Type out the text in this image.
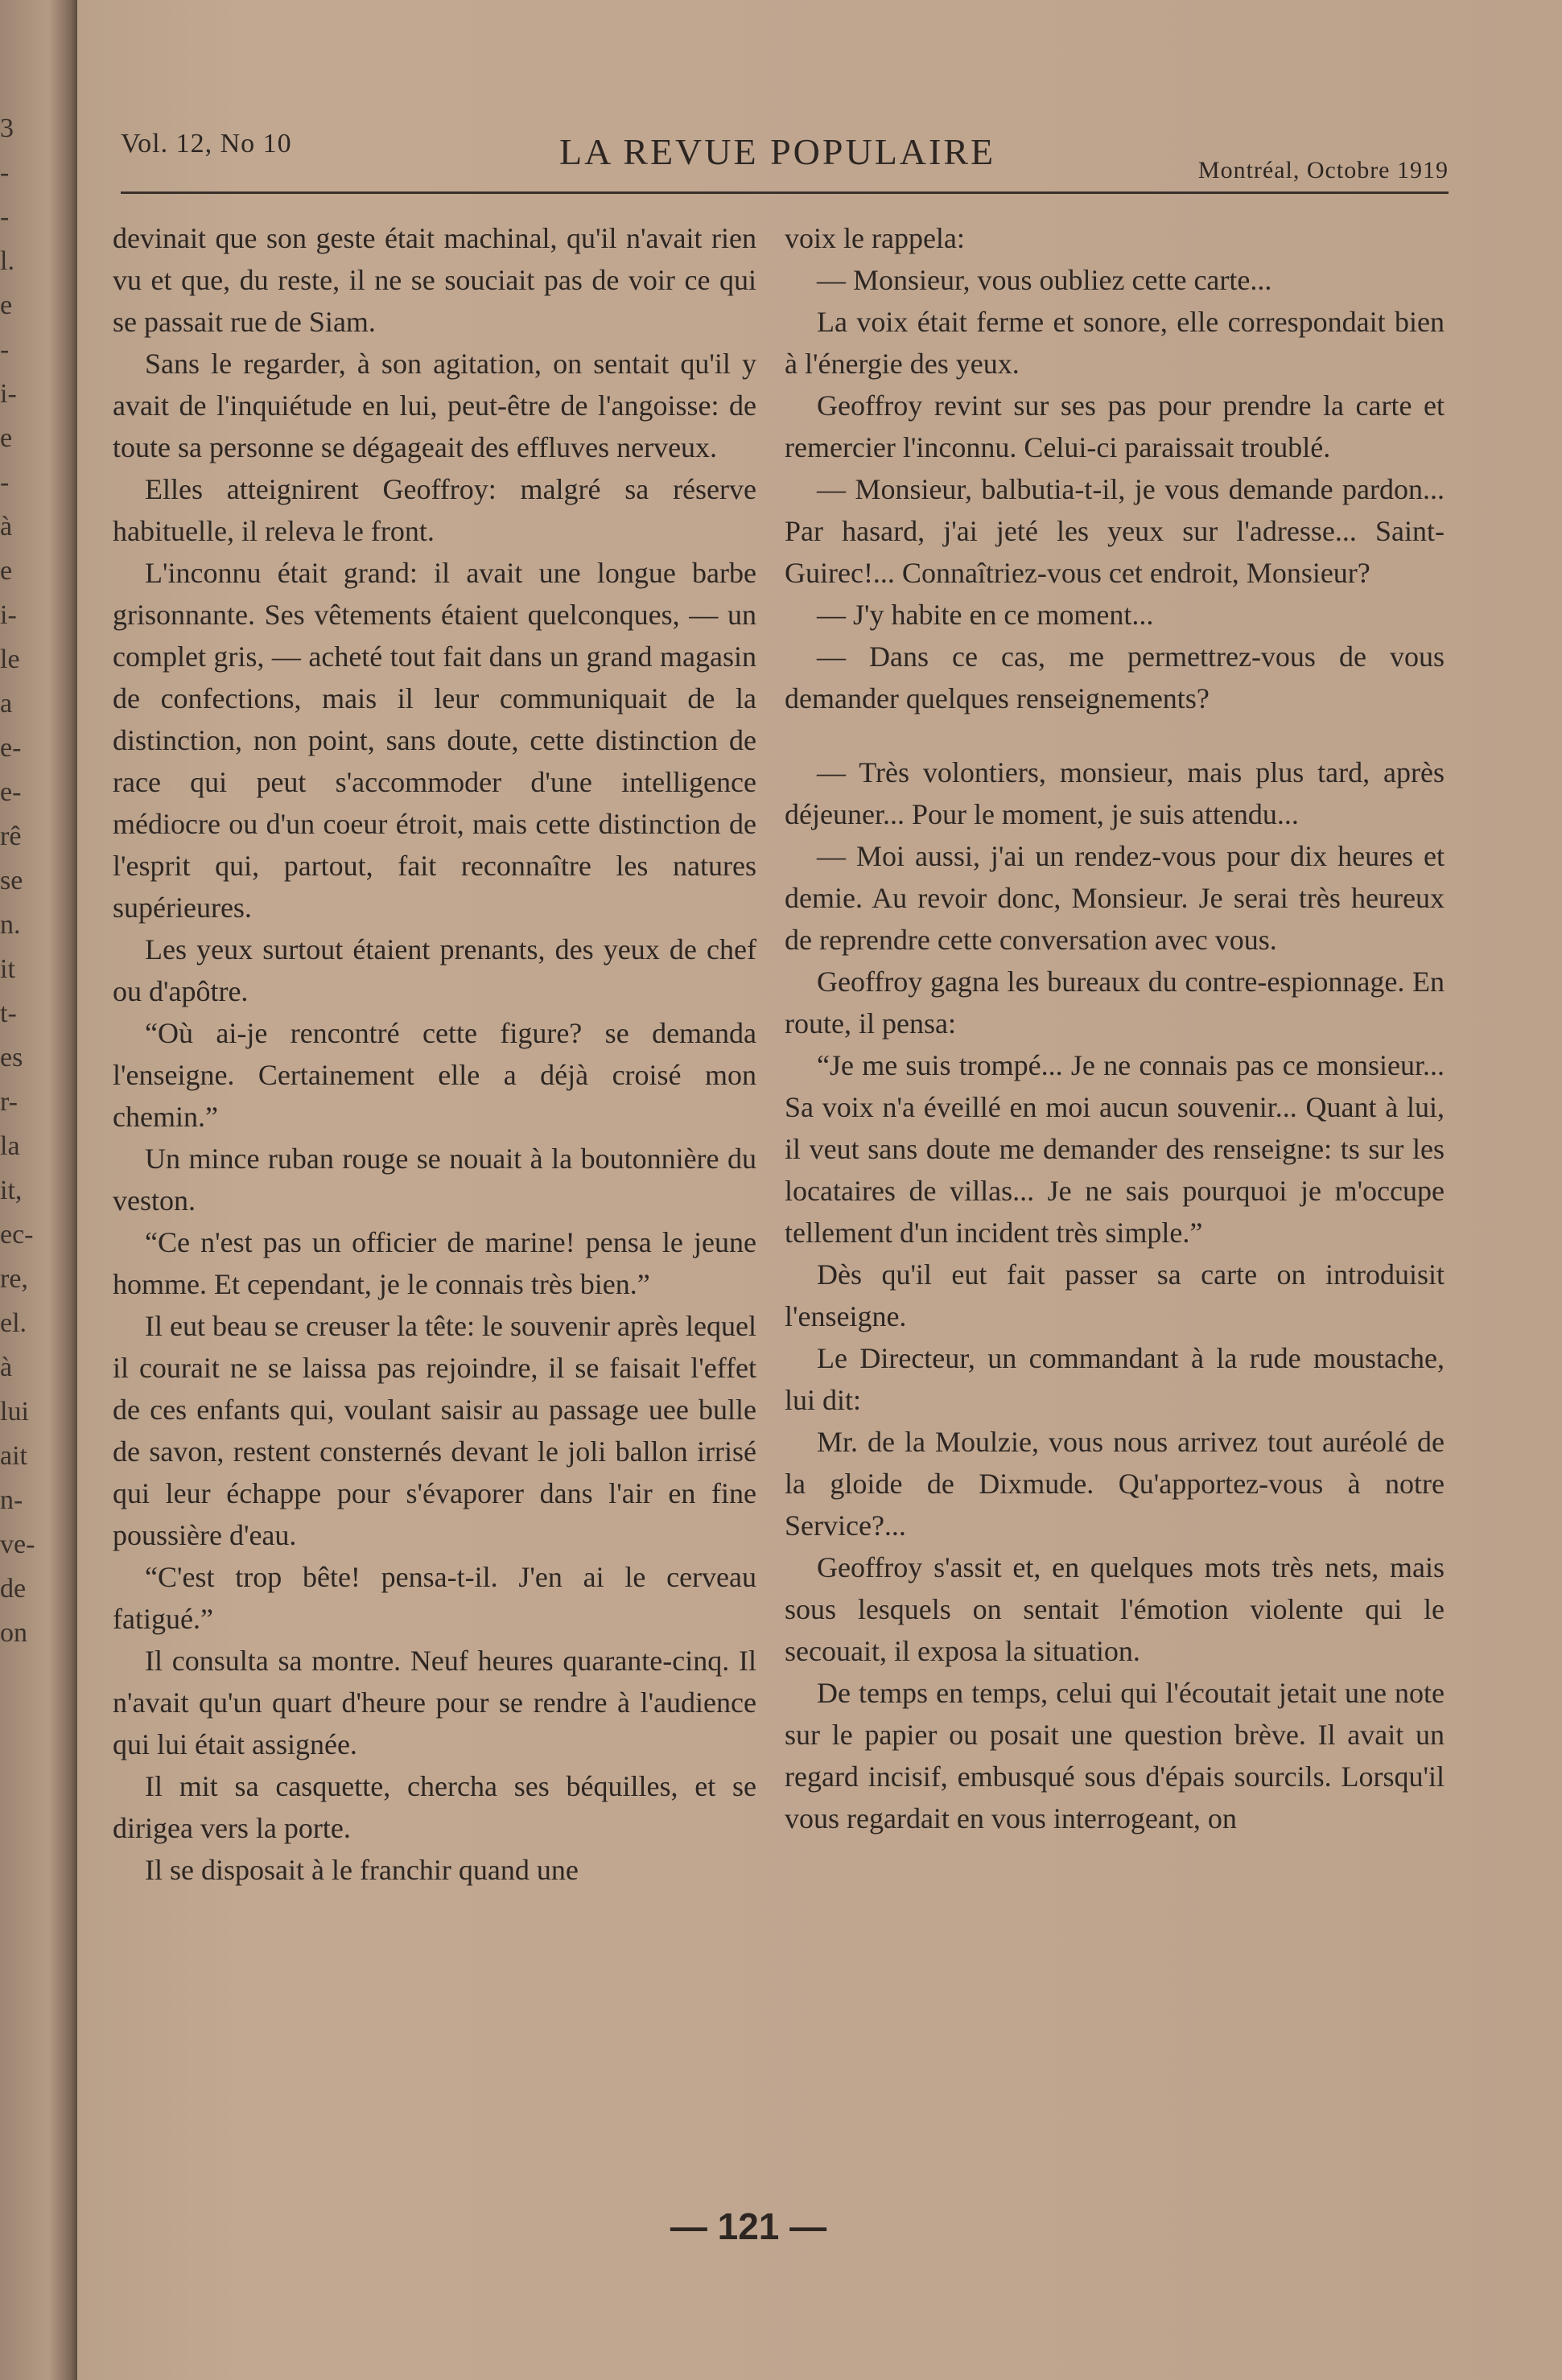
3
-
-
l.
e
-
i-
e
-
à
e
i-
le
a
e-
e-
rê
se
n.
it
t-
es
r-
la
it,
ec-
re,
el.
à
lui
ait
n-
ve-
de
on
Vol. 12, No 10	LA REVUE POPULAIRE	Montréal, Octobre 1919

devinait que son geste était machinal, qu'il n'avait rien vu et que, du reste, il ne se souciait pas de voir ce qui se passait rue de Siam.

Sans le regarder, à son agitation, on sentait qu'il y avait de l'inquiétude en lui, peut-être de l'angoisse: de toute sa personne se dégageait des effluves nerveux.

Elles atteignirent Geoffroy: malgré sa réserve habituelle, il releva le front.

L'inconnu était grand: il avait une longue barbe grisonnante. Ses vêtements étaient quelconques, — un complet gris, — acheté tout fait dans un grand magasin de confections, mais il leur communiquait de la distinction, non point, sans doute, cette distinction de race qui peut s'accommoder d'une intelligence médiocre ou d'un coeur étroit, mais cette distinction de l'esprit qui, partout, fait reconnaître les natures supérieures.

Les yeux surtout étaient prenants, des yeux de chef ou d'apôtre.

“Où ai-je rencontré cette figure? se demanda l'enseigne. Certainement elle a déjà croisé mon chemin.”

Un mince ruban rouge se nouait à la boutonnière du veston.

“Ce n'est pas un officier de marine! pensa le jeune homme. Et cependant, je le connais très bien.”

Il eut beau se creuser la tête: le souvenir après lequel il courait ne se laissa pas rejoindre, il se faisait l'effet de ces enfants qui, voulant saisir au passage uee bulle de savon, restent consternés devant le joli ballon irrisé qui leur échappe pour s'évaporer dans l'air en fine poussière d'eau.

“C'est trop bête! pensa-t-il. J'en ai le cerveau fatigué.”

Il consulta sa montre. Neuf heures quarante-cinq. Il n'avait qu'un quart d'heure pour se rendre à l'audience qui lui était assignée.

Il mit sa casquette, chercha ses béquilles, et se dirigea vers la porte.

Il se disposait à le franchir quand une

voix le rappela:

— Monsieur, vous oubliez cette carte...

La voix était ferme et sonore, elle correspondait bien à l'énergie des yeux.

Geoffroy revint sur ses pas pour prendre la carte et remercier l'inconnu. Celui-ci paraissait troublé.

— Monsieur, balbutia-t-il, je vous demande pardon... Par hasard, j'ai jeté les yeux sur l'adresse... Saint-Guirec!... Connaîtriez-vous cet endroit, Monsieur?

— J'y habite en ce moment...

— Dans ce cas, me permettrez-vous de vous demander quelques renseignements?

— Très volontiers, monsieur, mais plus tard, après déjeuner... Pour le moment, je suis attendu...

— Moi aussi, j'ai un rendez-vous pour dix heures et demie. Au revoir donc, Monsieur. Je serai très heureux de reprendre cette conversation avec vous.

Geoffroy gagna les bureaux du contre-espionnage. En route, il pensa:

“Je me suis trompé... Je ne connais pas ce monsieur... Sa voix n'a éveillé en moi aucun souvenir... Quant à lui, il veut sans doute me demander des renseigne: ts sur les locataires de villas... Je ne sais pourquoi je m'occupe tellement d'un incident très simple.”

Dès qu'il eut fait passer sa carte on introduisit l'enseigne.

Le Directeur, un commandant à la rude moustache, lui dit:

Mr. de la Moulzie, vous nous arrivez tout auréolé de la gloide de Dixmude. Qu'apportez-vous à notre Service?...

Geoffroy s'assit et, en quelques mots très nets, mais sous lesquels on sentait l'émotion violente qui le secouait, il exposa la situation.

De temps en temps, celui qui l'écoutait jetait une note sur le papier ou posait une question brève. Il avait un regard incisif, embusqué sous d'épais sourcils. Lorsqu'il vous regardait en vous interrogeant, on

— 121 —
